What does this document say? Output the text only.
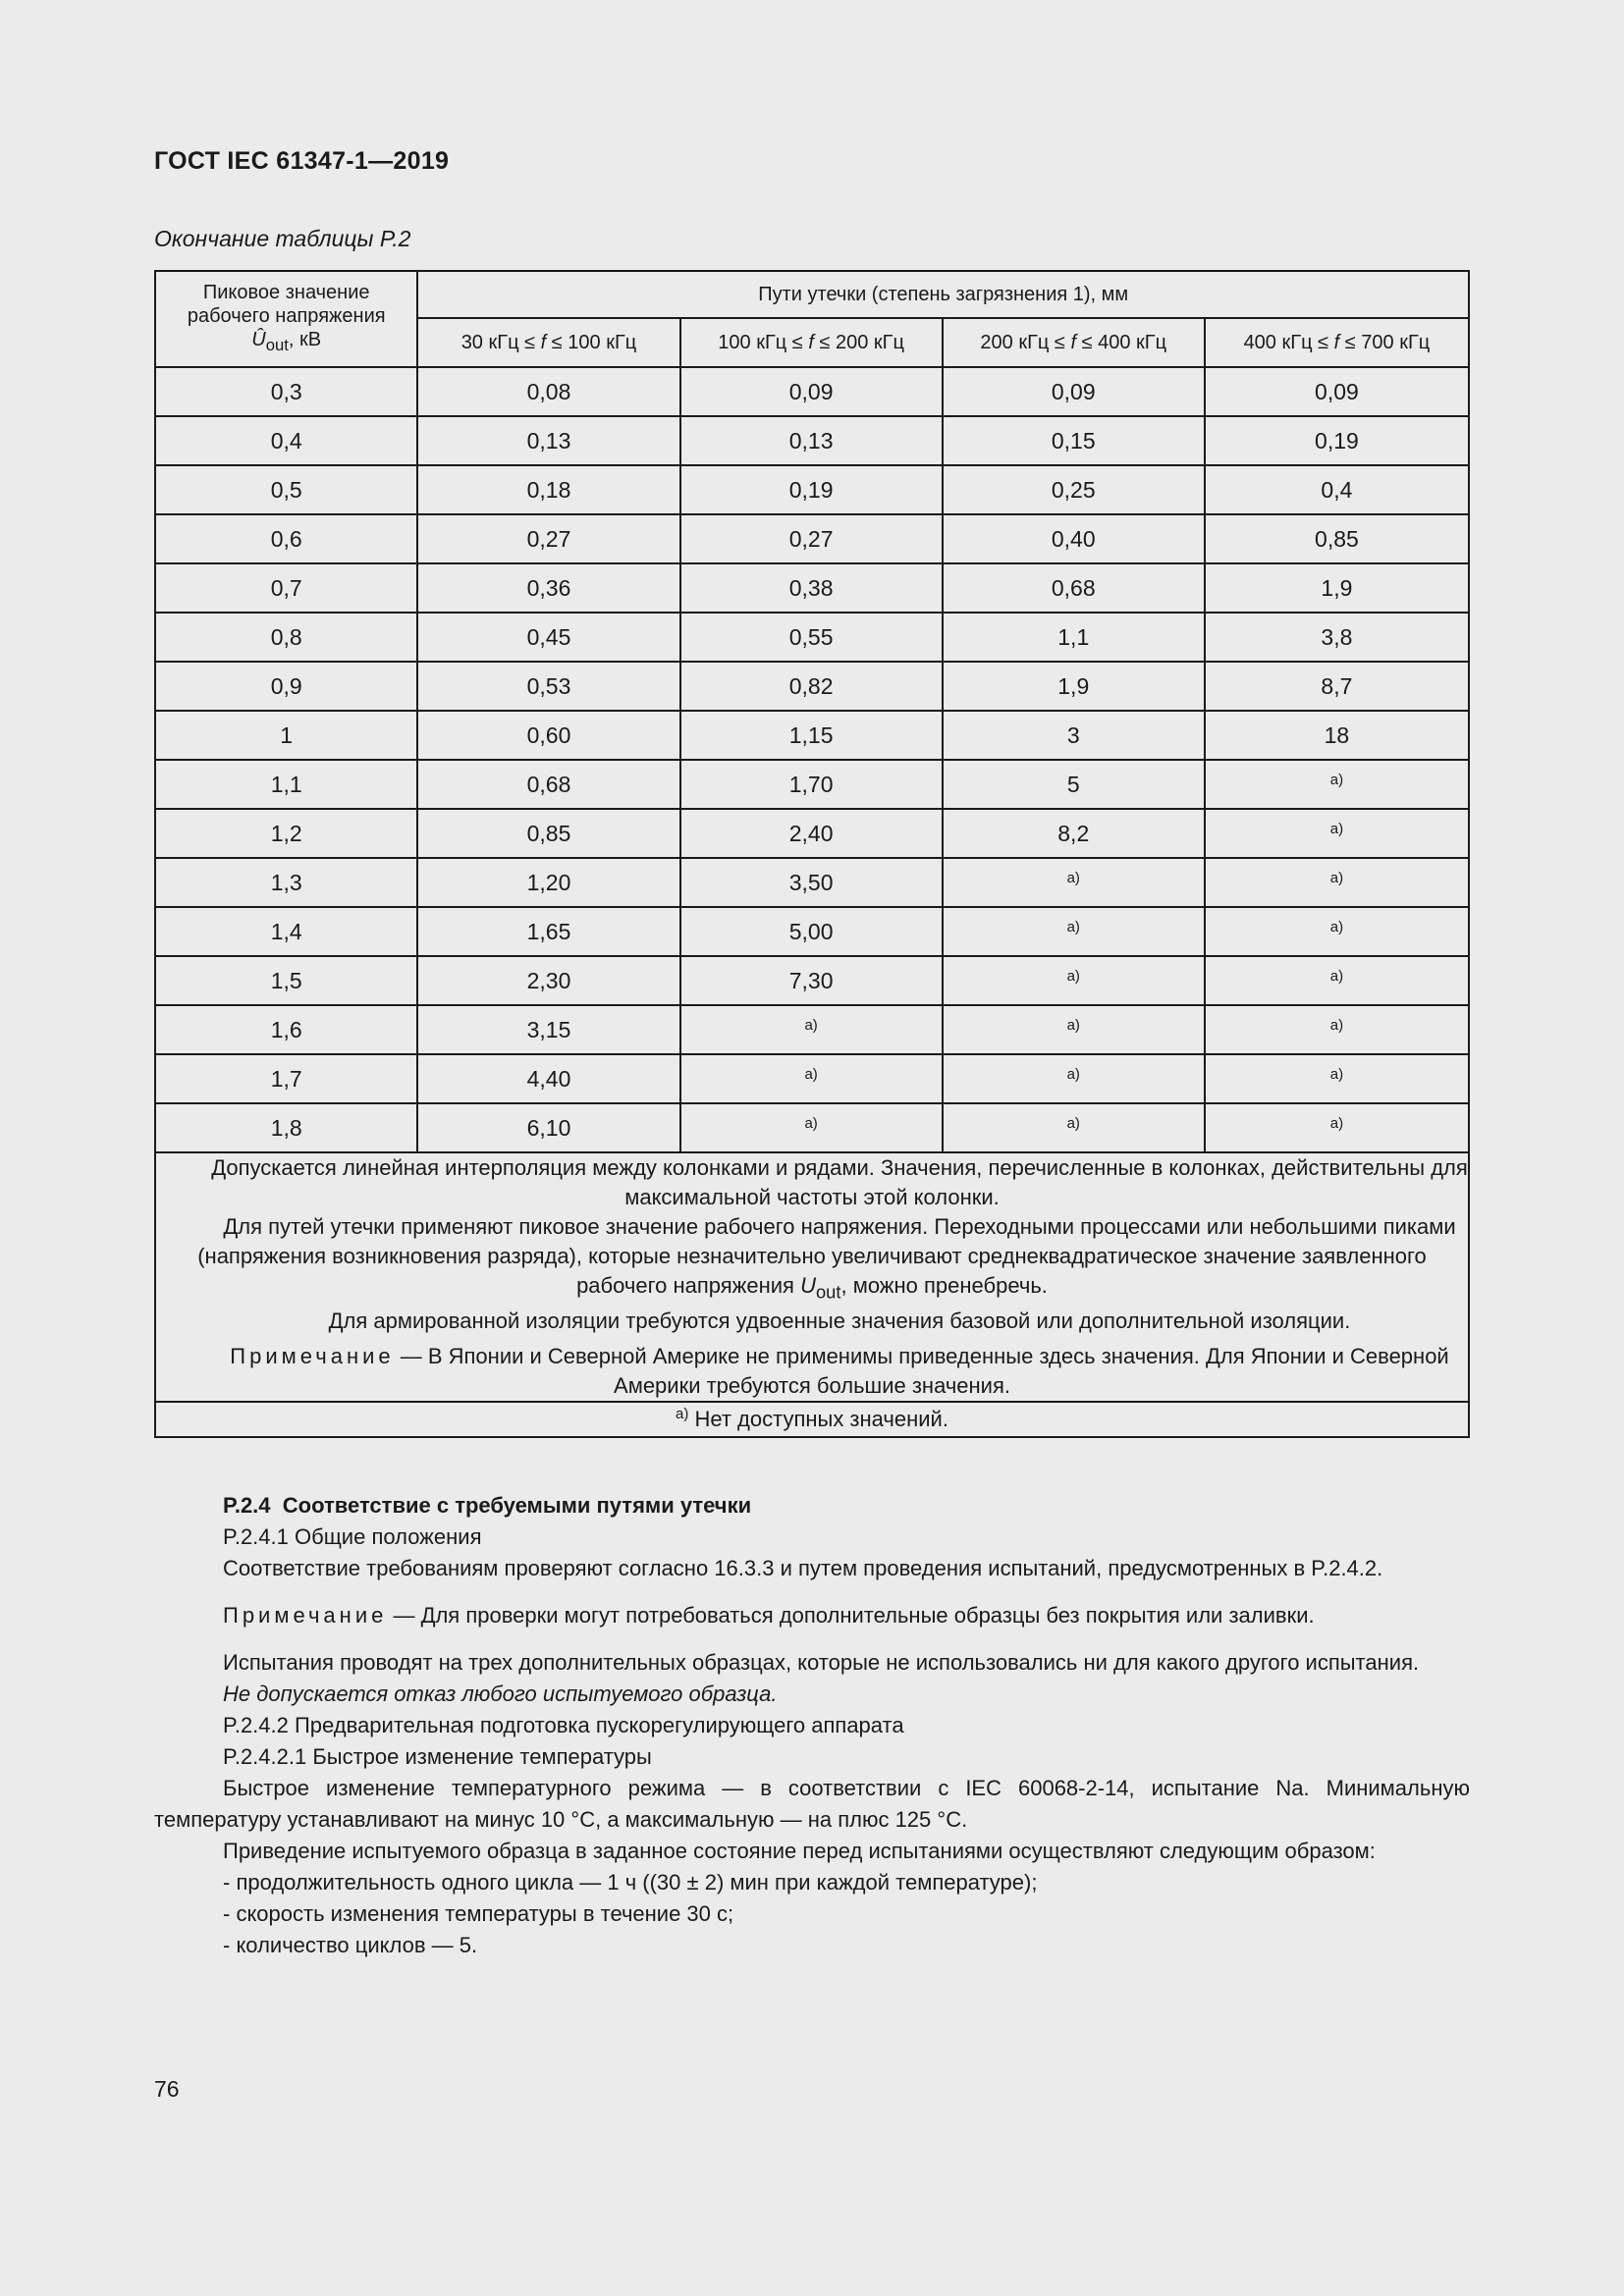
ГОСТ IEC 61347-1—2019
Окончание таблицы P.2
Пиковое значение
рабочего напряжения
$Û_{out}$, кВ	Пути утечки (степень загрязнения 1), мм			
	30 кГц ≤ f ≤ 100 кГц	100 кГц ≤ f ≤ 200 кГц	200 кГц ≤ f ≤ 400 кГц	400 кГц ≤ f ≤ 700 кГц
0,3	0,08	0,09	0,09	0,09
0,4	0,13	0,13	0,15	0,19
0,5	0,18	0,19	0,25	0,4
0,6	0,27	0,27	0,40	0,85
0,7	0,36	0,38	0,68	1,9
0,8	0,45	0,55	1,1	3,8
0,9	0,53	0,82	1,9	8,7
1	0,60	1,15	3	18
1,1	0,68	1,70	5	$^{а)}$
1,2	0,85	2,40	8,2	$^{а)}$
1,3	1,20	3,50	$^{а)}$	$^{а)}$
1,4	1,65	5,00	$^{а)}$	$^{а)}$
1,5	2,30	7,30	$^{а)}$	$^{а)}$
1,6	3,15	$^{а)}$	$^{а)}$	$^{а)}$
1,7	4,40	$^{а)}$	$^{а)}$	$^{а)}$
1,8	6,10	$^{а)}$	$^{а)}$	$^{а)}$

Допускается линейная интерполяция между колонками и рядами. Значения, перечисленные в колонках, действительны для максимальной частоты этой колонки.

Для путей утечки применяют пиковое значение рабочего напряжения. Переходными процессами или небольшими пиками (напряжения возникновения разряда), которые незначительно увеличивают среднеквадратическое значение заявленного рабочего напряжения $U_{out}$, можно пренебречь.

Для армированной изоляции требуются удвоенные значения базовой или дополнительной изоляции.

Примечание — В Японии и Северной Америке не применимы приведенные здесь значения. Для Японии и Северной Америки требуются большие значения.				

$^{а)}$ Нет доступных значений.				

P.2.4 Соответствие с требуемыми путями утечки

P.2.4.1 Общие положения

Соответствие требованиям проверяют согласно 16.3.3 и путем проведения испытаний, предусмотренных в P.2.4.2.

Примечание — Для проверки могут потребоваться дополнительные образцы без покрытия или заливки.

Испытания проводят на трех дополнительных образцах, которые не использовались ни для какого другого испытания.

Не допускается отказ любого испытуемого образца.

P.2.4.2 Предварительная подготовка пускорегулирующего аппарата

P.2.4.2.1 Быстрое изменение температуры

Быстрое изменение температурного режима — в соответствии с IEC 60068-2-14, испытание Na. Минимальную температуру устанавливают на минус 10 °С, а максимальную — на плюс 125 °С.

Приведение испытуемого образца в заданное состояние перед испытаниями осуществляют следующим образом:

- продолжительность одного цикла — 1 ч ((30 ± 2) мин при каждой температуре);

- скорость изменения температуры в течение 30 с;

- количество циклов — 5.

76
